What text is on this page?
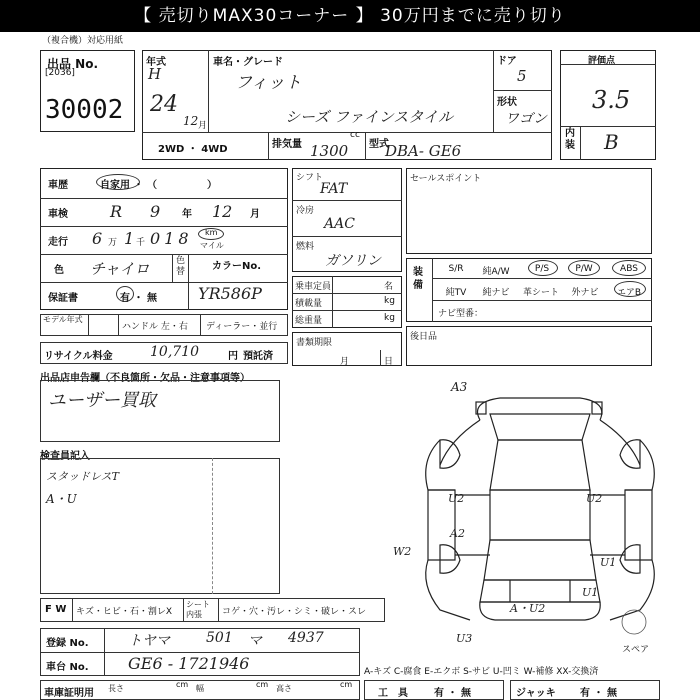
【 売切りMAX30コーナー 】 30万円までに売り切り
（複合機）対応用紙
出品 No.
[2036]
30002
年式
H
24
12 月
車名・グレード
フィット
シーズ ファインスタイル
ドア
5
形状
ワゴン
2WD ・ 4WD	排気量
cc
1300 型式
DBA- GE6
評価点
3.5
内装 B
車歴	自家用 ・ （　　　　　）
車検	R 9 年 12 月
走行 6 万 1 千 018 km
マイル
色 チャイロ	色替	カラーNo.
YR586P
保証書	有 ・ 無
モデル年式
ハンドル 左・右 ディーラー・並行
リサイクル料金	10,710	円 預託済
シフト
FAT
冷房
AAC
燃料
ガソリン
乗車定員	名
積載量	kg
総重量	kg
書類期限
月	日
セールスポイント
装備
S/R	純A/W	P/S	P/W	ABS
純TV	純ナビ	革シート	外ナビ	エアB
ナビ型番：
後日品
出品店申告欄（不良箇所・欠品・注意事項等）
ユーザー買取
検査員記入
スタッドレスT
A・U
A3
U2	U2
A2
W2
U1
A・U2
U1
U3
スペア
F W キズ・ヒビ・石・割レX
シート内張	コゲ・穴・汚レ・シミ・破レ・スレ
登録 No.	トヤマ	501 マ 4937
車台 No. GE6 - 1721946	A-キズ C-腐食 E-エクボ S-サビ U-凹ミ W-補修 XX-交換済
車庫証明用 長さ	cm 幅	cm 高さ	cm
工　具	有 ・ 無	ジャッキ 有 ・ 無
